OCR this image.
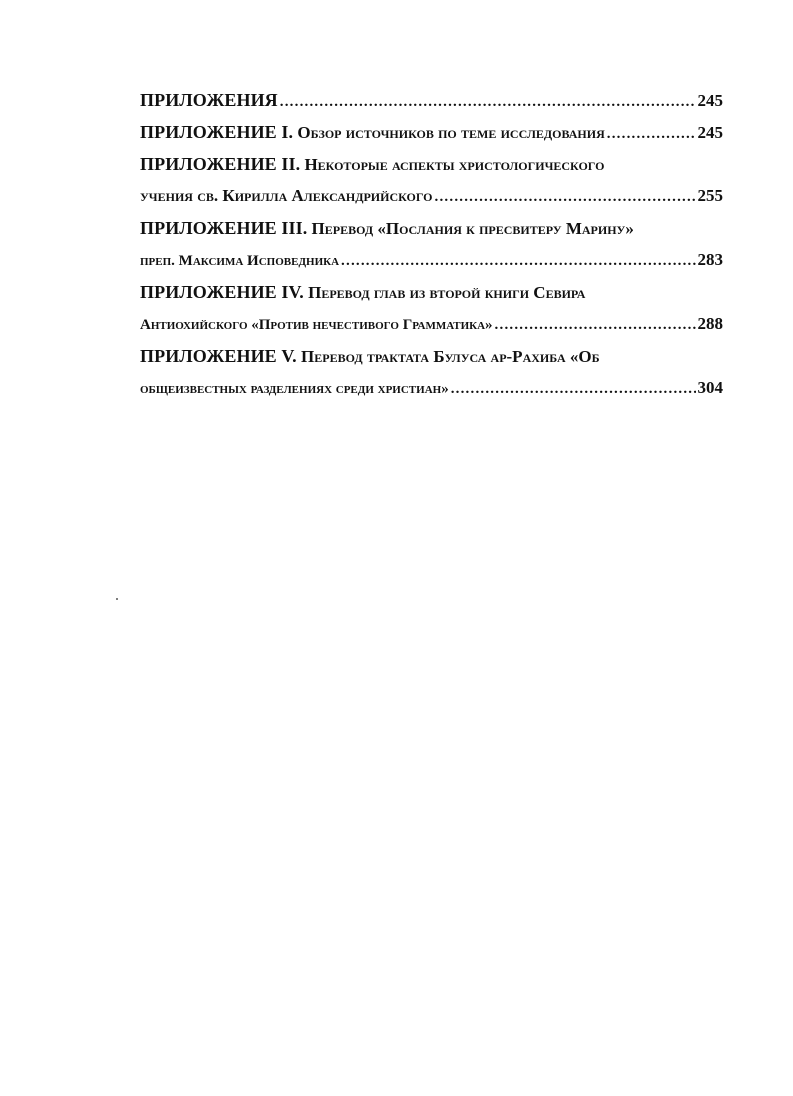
ПРИЛОЖЕНИЯ .....	245
ПРИЛОЖЕНИЕ I.
Обзор источников по теме исследования .....	245
ПРИЛОЖЕНИЕ II.
Некоторые аспекты христологического
учения св. Кирилла Александрийского .....	255
ПРИЛОЖЕНИЕ III.
Перевод «Послания к пресвитеру Марину»
преп. Максима Исповедника .....	283
ПРИЛОЖЕНИЕ IV.
Перевод глав из второй книги Севира
Антиохийского «Против нечестивого Грамматика» .....	288
ПРИЛОЖЕНИЕ V.
Перевод трактата Булуса ар-Рахиба «Об
общеизвестных разделениях среди христиан» .....	304
